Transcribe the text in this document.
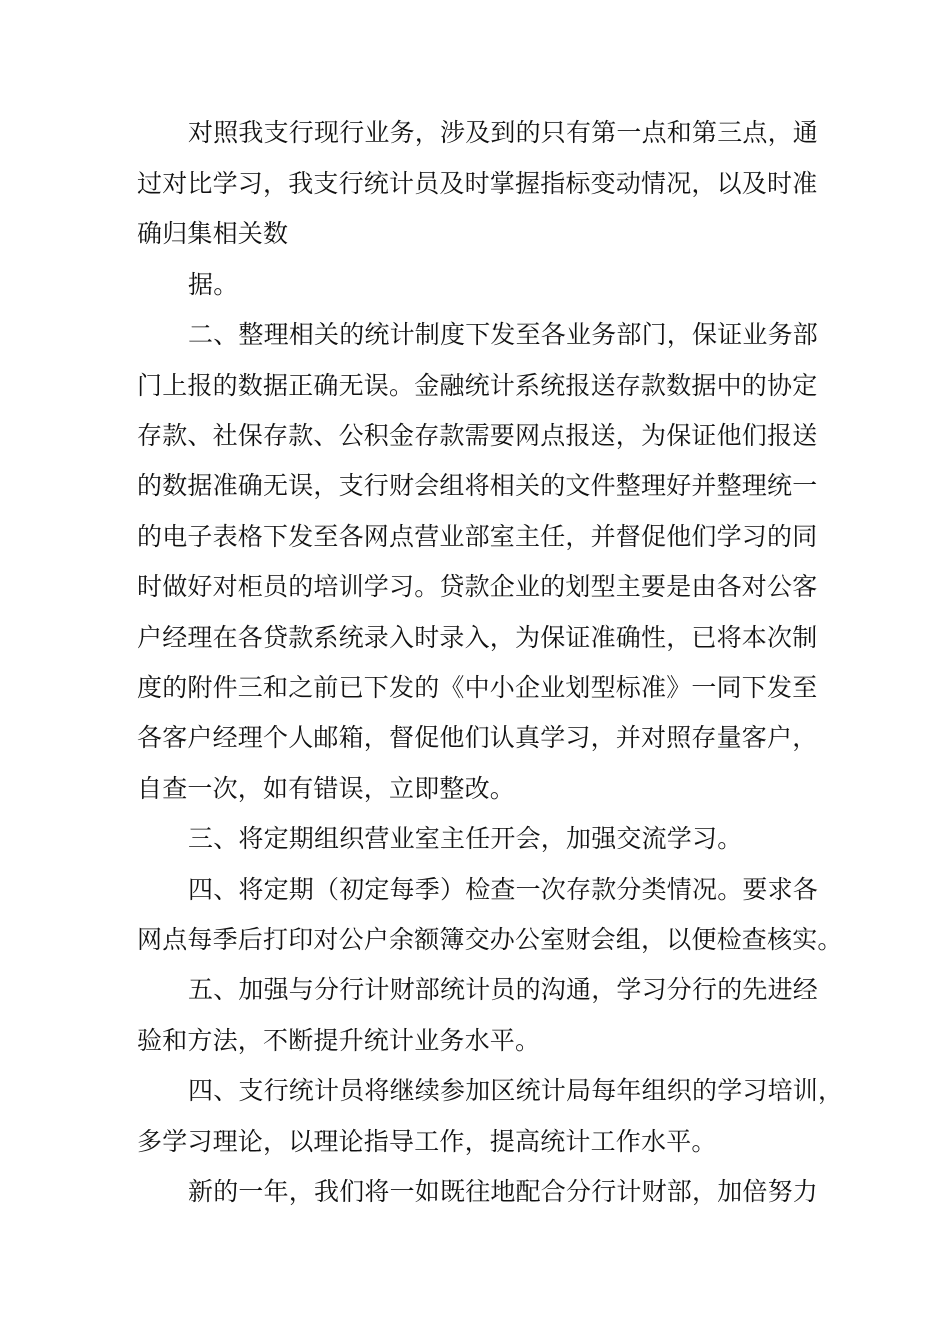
对照我支行现行业务，涉及到的只有第一点和第三点，通
过对比学习，我支行统计员及时掌握指标变动情况，以及时准
确归集相关数
据。
二、整理相关的统计制度下发至各业务部门，保证业务部
门上报的数据正确无误。金融统计系统报送存款数据中的协定
存款、社保存款、公积金存款需要网点报送，为保证他们报送
的数据准确无误，支行财会组将相关的文件整理好并整理统一
的电子表格下发至各网点营业部室主任，并督促他们学习的同
时做好对柜员的培训学习。贷款企业的划型主要是由各对公客
户经理在各贷款系统录入时录入，为保证准确性，已将本次制
度的附件三和之前已下发的《中小企业划型标准》一同下发至
各客户经理个人邮箱，督促他们认真学习，并对照存量客户，
自查一次，如有错误，立即整改。
三、将定期组织营业室主任开会，加强交流学习。
四、将定期（初定每季）检查一次存款分类情况。要求各
网点每季后打印对公户余额簿交办公室财会组，以便检查核实。
五、加强与分行计财部统计员的沟通，学习分行的先进经
验和方法，不断提升统计业务水平。
四、支行统计员将继续参加区统计局每年组织的学习培训，
多学习理论，以理论指导工作，提高统计工作水平。
新的一年，我们将一如既往地配合分行计财部，加倍努力
